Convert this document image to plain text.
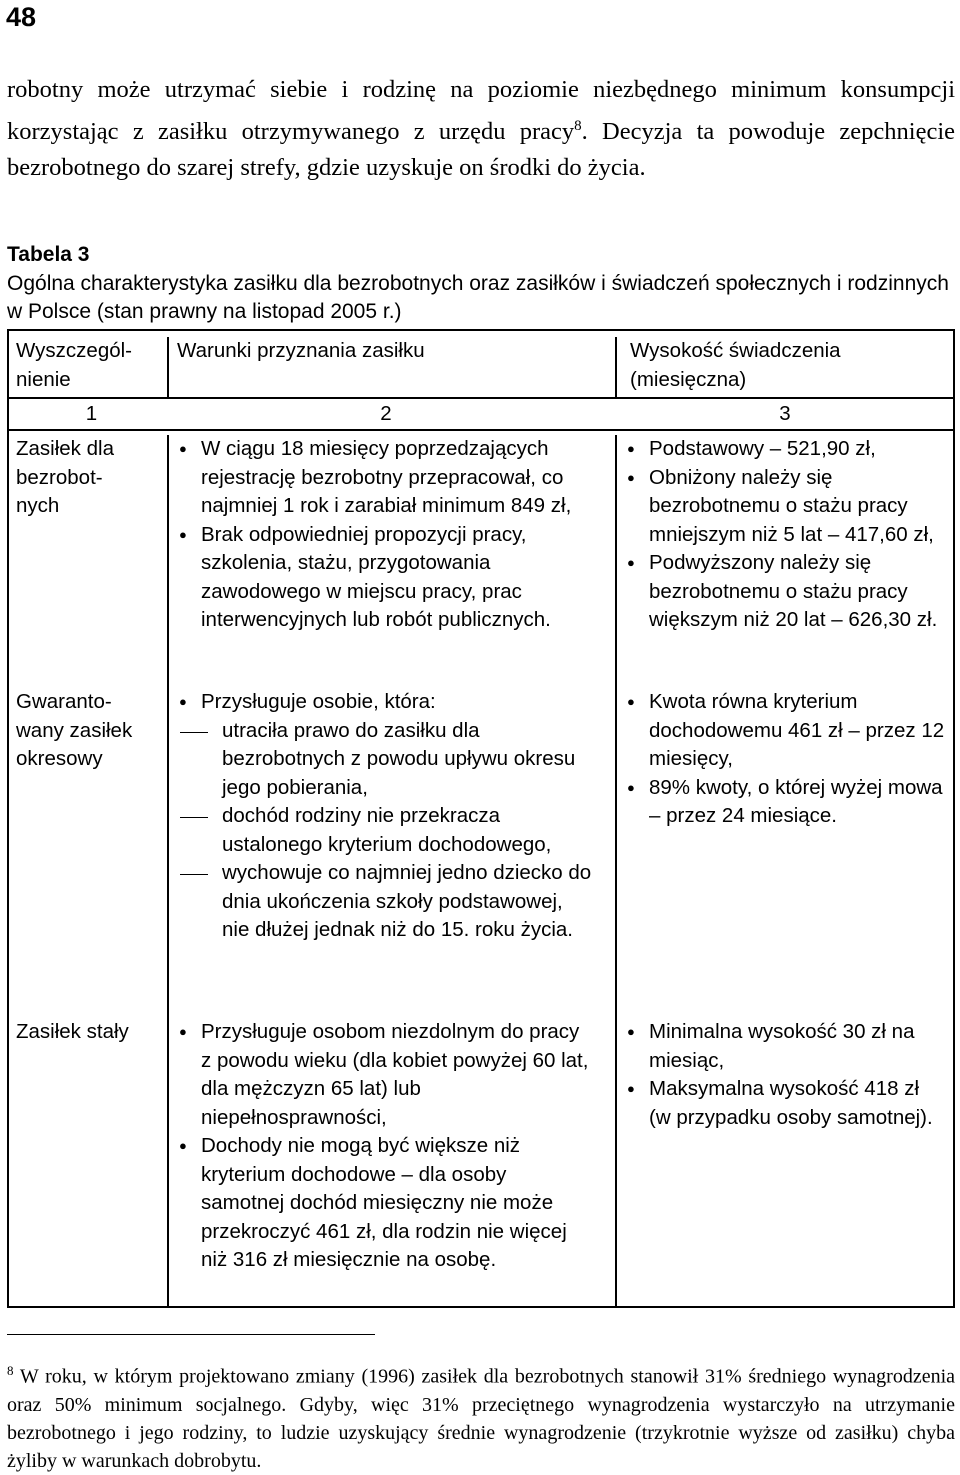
48

robotny może utrzymać siebie i rodzinę na poziomie niezbędnego minimum konsumpcji korzystając z zasiłku otrzymywanego z urzędu pracy$^8$. Decyzja ta powoduje zepchnięcie bezrobotnego do szarej strefy, gdzie uzyskuje on środki do życia.

Tabela 3
Ogólna charakterystyka zasiłku dla bezrobotnych oraz zasiłków i świadczeń społecznych i rodzinnych w Polsce (stan prawny na listopad 2005 r.)
Wyszczegól-
nienie
Warunki przyznania zasiłku	Wysokość świadczenia
(miesięczna)
1	2	3
Zasiłek dla
bezrobot-
nych
● W ciągu 18 miesięcy poprzedzających rejestrację bezrobotny przepracował, co najmniej 1 rok i zarabiał minimum 849 zł,
● Brak odpowiedniej propozycji pracy, szkolenia, stażu, przygotowania zawodowego w miejscu pracy, prac interwencyjnych lub robót publicznych.
● Podstawowy – 521,90 zł,
● Obniżony należy się bezrobotnemu o stażu pracy mniejszym niż 5 lat – 417,60 zł,
● Podwyższony należy się bezrobotnemu o stażu pracy większym niż 20 lat – 626,30 zł.
Gwaranto-
wany zasiłek
okresowy
● Przysługuje osobie, która:
utraciła prawo do zasiłku dla bezrobotnych z powodu upływu okresu jego pobierania,
dochód rodziny nie przekracza ustalonego kryterium dochodowego,
wychowuje co najmniej jedno dziecko do dnia ukończenia szkoły podstawowej, nie dłużej jednak niż do 15. roku życia.
● Kwota równa kryterium dochodowemu 461 zł – przez 12 miesięcy,
● 89% kwoty, o której wyżej mowa – przez 24 miesiące.
Zasiłek stały
●	Przysługuje osobom niezdolnym do pracy z powodu wieku (dla kobiet powyżej 60 lat, dla mężczyzn 65 lat) lub niepełnosprawności,
● Dochody nie mogą być większe niż kryterium dochodowe – dla osoby samotnej dochód miesięczny nie może przekroczyć 461 zł, dla rodzin nie więcej niż 316 zł miesięcznie na osobę.
● Minimalna wysokość 30 zł na miesiąc,
● Maksymalna wysokość 418 zł (w przypadku osoby samotnej).

$^8$ W roku, w którym projektowano zmiany (1996) zasiłek dla bezrobotnych stanowił 31% średniego wynagrodzenia oraz 50% minimum socjalnego. Gdyby, więc 31% przeciętnego wynagrodzenia wystarczyło na utrzymanie bezrobotnego i jego rodziny, to ludzie uzyskujący średnie wynagrodzenie (trzykrotnie wyższe od zasiłku) chyba żyliby w warunkach dobrobytu.
